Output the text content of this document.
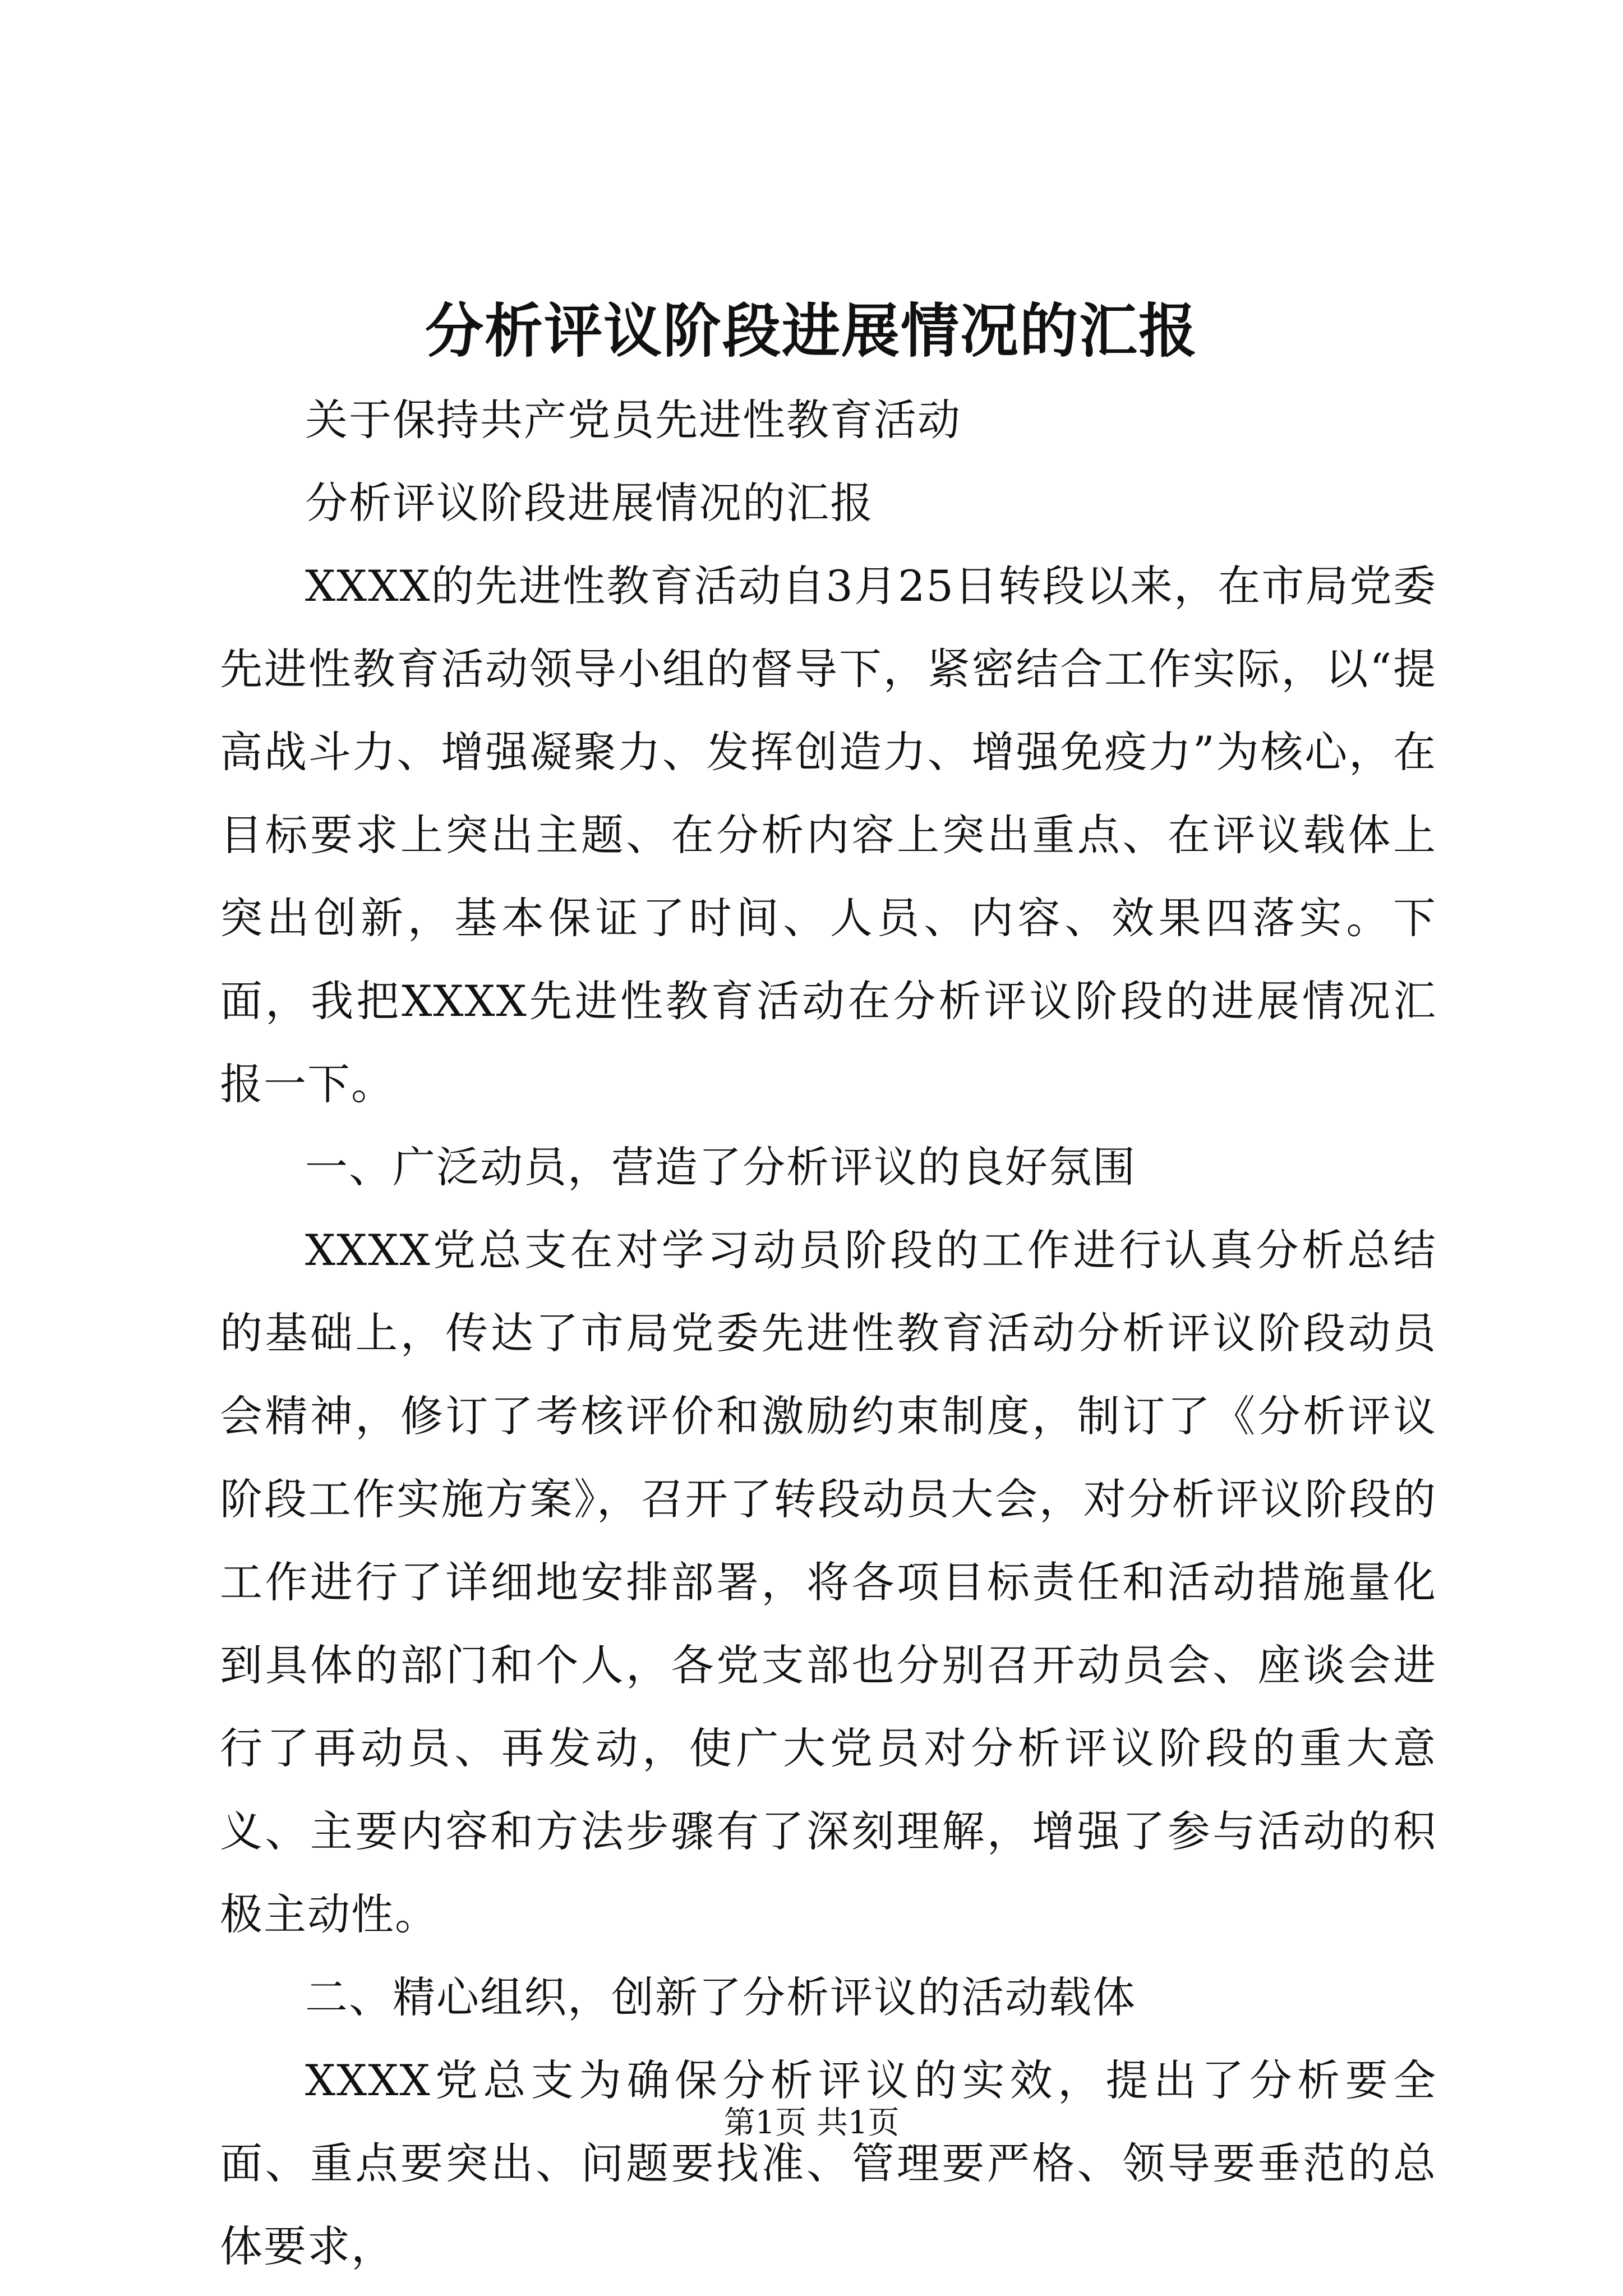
分析评议阶段进展情况的汇报

关于保持共产党员先进性教育活动

分析评议阶段进展情况的汇报

XXXX的先进性教育活动自3月25日转段以来，在市局党委先进性教育活动领导小组的督导下，紧密结合工作实际，以“提高战斗力、增强凝聚力、发挥创造力、增强免疫力”为核心，在目标要求上突出主题、在分析内容上突出重点、在评议载体上突出创新，基本保证了时间、人员、内容、效果四落实。下面，我把XXXX先进性教育活动在分析评议阶段的进展情况汇报一下。

一、广泛动员，营造了分析评议的良好氛围

XXXX党总支在对学习动员阶段的工作进行认真分析总结的基础上，传达了市局党委先进性教育活动分析评议阶段动员会精神，修订了考核评价和激励约束制度，制订了《分析评议阶段工作实施方案》，召开了转段动员大会，对分析评议阶段的工作进行了详细地安排部署，将各项目标责任和活动措施量化到具体的部门和个人，各党支部也分别召开动员会、座谈会进行了再动员、再发动，使广大党员对分析评议阶段的重大意义、主要内容和方法步骤有了深刻理解，增强了参与活动的积极主动性。

二、精心组织，创新了分析评议的活动载体

XXXX党总支为确保分析评议的实效，提出了分析要全面、重点要突出、问题要找准、管理要严格、领导要垂范的总体要求，

第1页 共1页
